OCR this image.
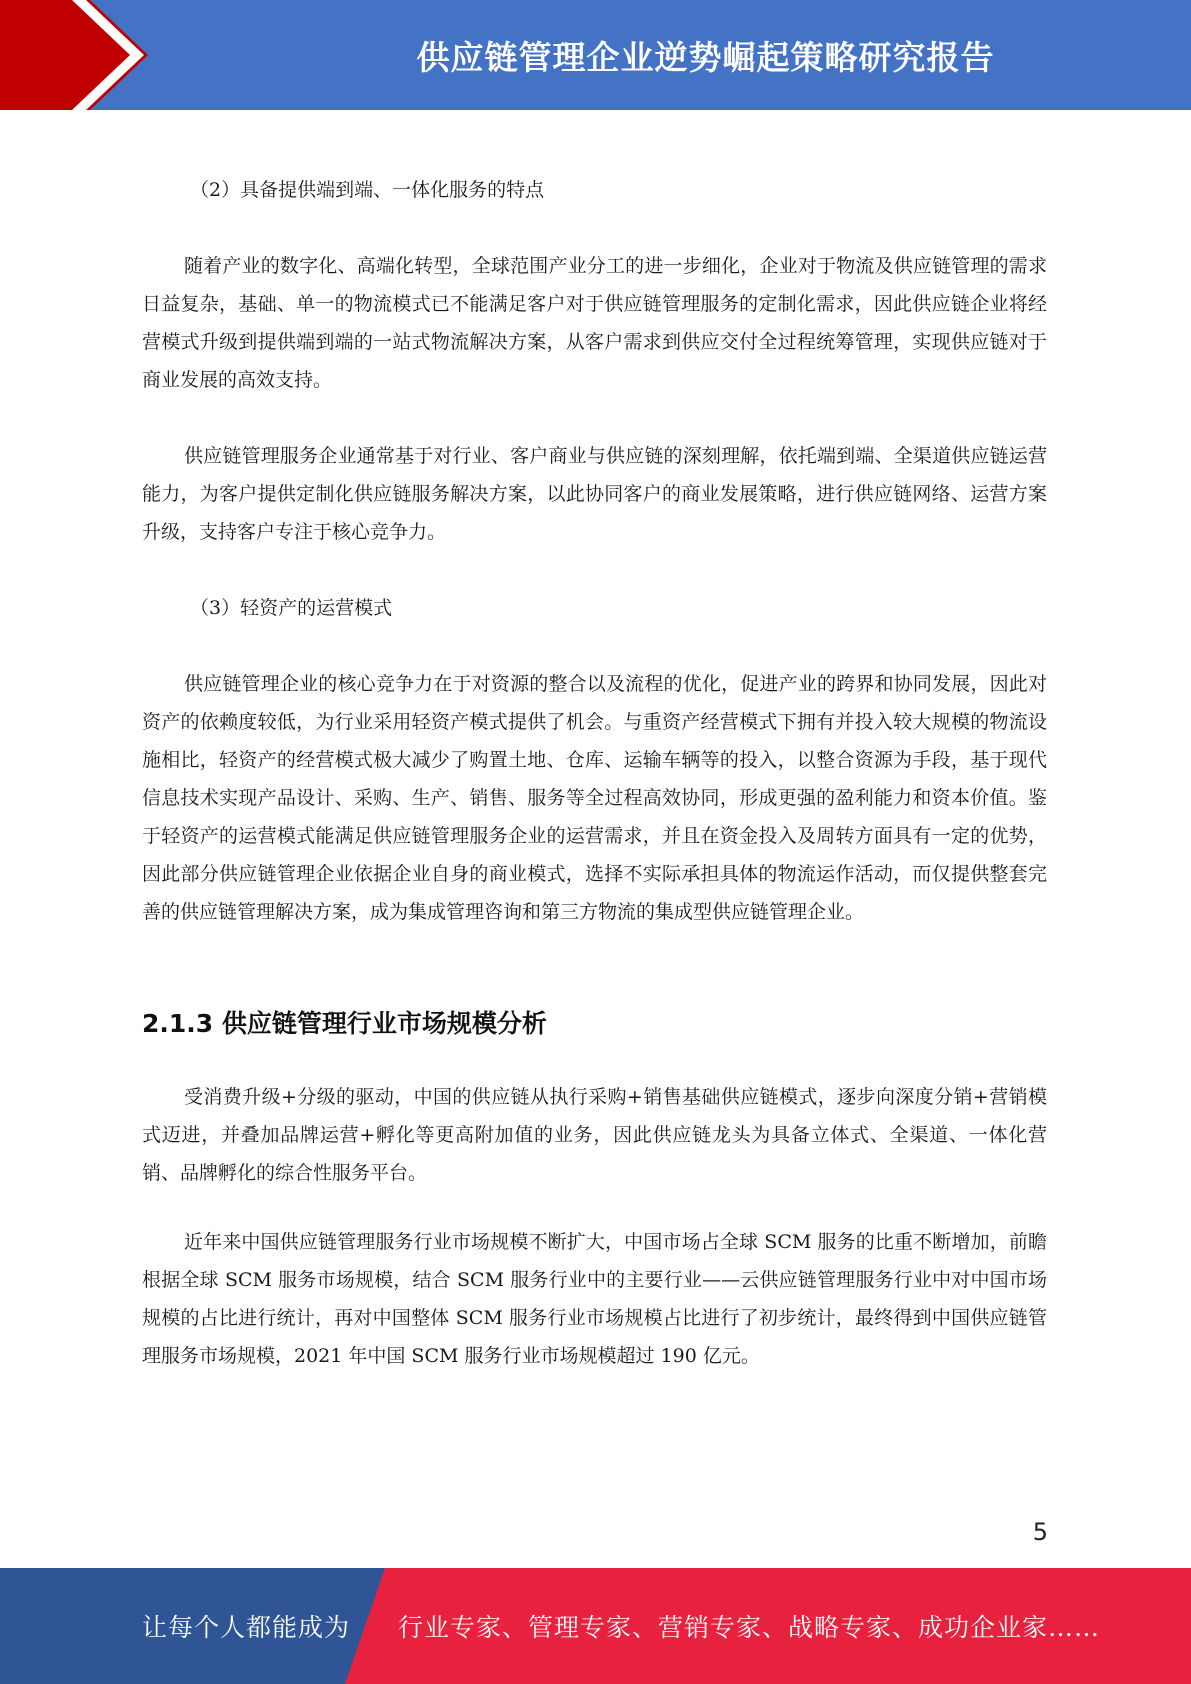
供应链管理企业逆势崛起策略研究报告

（2）具备提供端到端、一体化服务的特点

随着产业的数字化、高端化转型，全球范围产业分工的进一步细化，企业对于物流及供应链管理的需求日益复杂，基础、单一的物流模式已不能满足客户对于供应链管理服务的定制化需求，因此供应链企业将经营模式升级到提供端到端的一站式物流解决方案，从客户需求到供应交付全过程统筹管理，实现供应链对于商业发展的高效支持。

供应链管理服务企业通常基于对行业、客户商业与供应链的深刻理解，依托端到端、全渠道供应链运营能力，为客户提供定制化供应链服务解决方案，以此协同客户的商业发展策略，进行供应链网络、运营方案升级，支持客户专注于核心竞争力。

（3）轻资产的运营模式

供应链管理企业的核心竞争力在于对资源的整合以及流程的优化，促进产业的跨界和协同发展，因此对资产的依赖度较低，为行业采用轻资产模式提供了机会。与重资产经营模式下拥有并投入较大规模的物流设施相比，轻资产的经营模式极大减少了购置土地、仓库、运输车辆等的投入，以整合资源为手段，基于现代信息技术实现产品设计、采购、生产、销售、服务等全过程高效协同，形成更强的盈利能力和资本价值。鉴于轻资产的运营模式能满足供应链管理服务企业的运营需求，并且在资金投入及周转方面具有一定的优势，因此部分供应链管理企业依据企业自身的商业模式，选择不实际承担具体的物流运作活动，而仅提供整套完善的供应链管理解决方案，成为集成管理咨询和第三方物流的集成型供应链管理企业。

2.1.3 供应链管理行业市场规模分析

受消费升级+分级的驱动，中国的供应链从执行采购+销售基础供应链模式，逐步向深度分销+营销模式迈进，并叠加品牌运营+孵化等更高附加值的业务，因此供应链龙头为具备立体式、全渠道、一体化营销、品牌孵化的综合性服务平台。

近年来中国供应链管理服务行业市场规模不断扩大，中国市场占全球 SCM 服务的比重不断增加，前瞻根据全球 SCM 服务市场规模，结合 SCM 服务行业中的主要行业——云供应链管理服务行业中对中国市场规模的占比进行统计，再对中国整体 SCM 服务行业市场规模占比进行了初步统计，最终得到中国供应链管理服务市场规模，2021 年中国 SCM 服务行业市场规模超过 190 亿元。

5
让每个人都能成为 行业专家、管理专家、营销专家、战略专家、成功企业家……
